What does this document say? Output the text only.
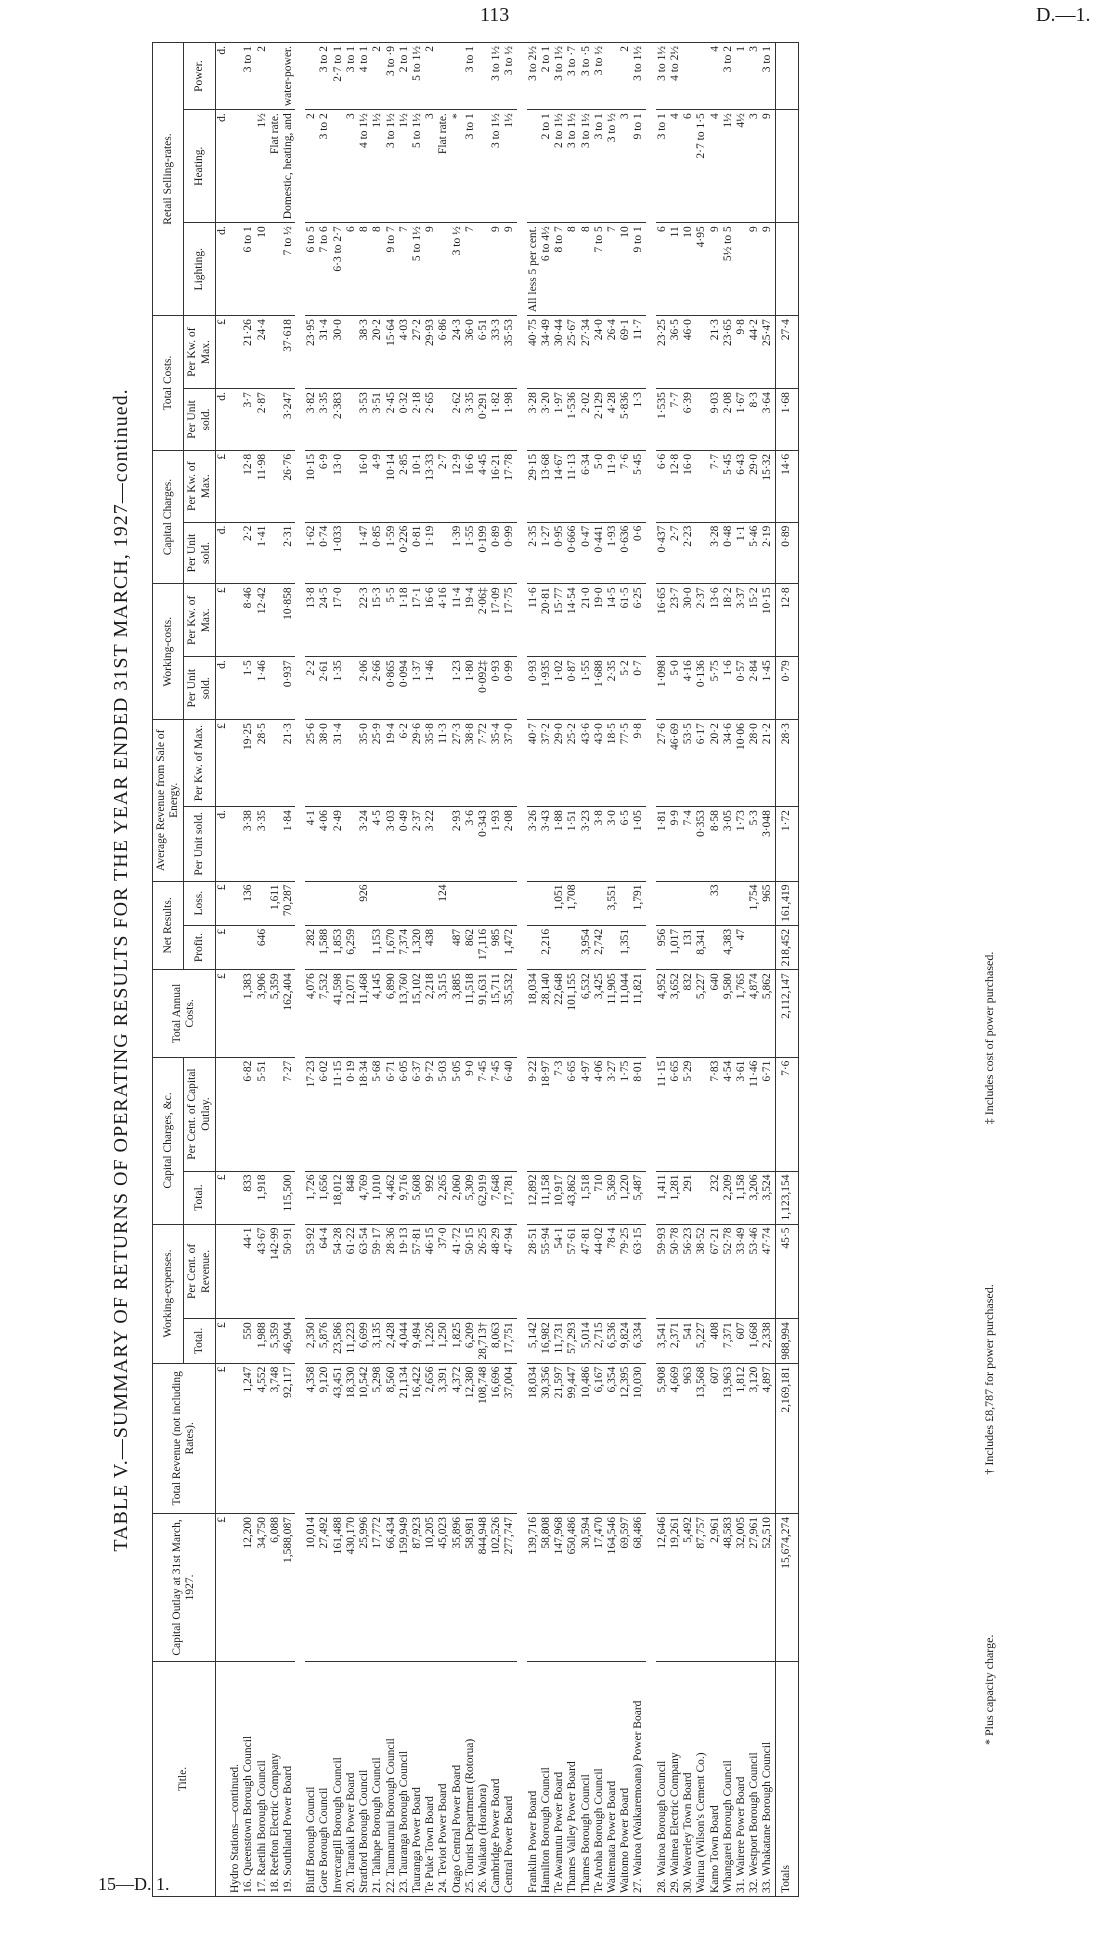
113	D.—1.
TABLE V.—SUMMARY OF RETURNS OF OPERATING RESULTS FOR THE YEAR ENDED 31ST MARCH, 1927—continued.
Title.	Capital Outlay at 31st March, 1927.	Total Revenue (not including Rates).	Working-expenses.		Capital Charges, &c.		Total Annual Costs.	Net Results.		Average Revenue from Sale of Energy.		Working-costs.		Capital Charges.		Total Costs.		Retail Selling-rates.		
			Total.	Per Cent. of Revenue.	Total.	Per Cent. of Capital Outlay.		Profit.	Loss.	Per Unit sold.	Per Kw. of Max.	Per Unit sold.	Per Kw. of Max.	Per Unit sold.	Per Kw. of Max.	Per Unit sold.	Per Kw. of Max.	Lighting.	Heating.	Power.
	£	£	£		£		£	£	£	d.	£	d.	£	d.	£	d.	£	d.	d.	d.
Hydro Stations—continued.																				
16. Queenstown Borough Council	12,200	1,247	550	44·1	833	6·82	1,383		136	3·38	19·25	1·5	8·46	2·2	12·8	3·7	21·26	6 to 1		3 to 1
17. Raetihi Borough Council	34,750	4,552	1,988	43·67	1,918	5·51	3,906	646		3·35	28·5	1·46	12·42	1·41	11·98	2·87	24·4	10	1½	2
18. Reefton Electric Company	6,088	3,748	5,359	142·99			5,359		1,611										Flat rate.	
19. Southland Power Board	1,588,087	92,117	46,904	50·91	115,500	7·27	162,404		70,287	1·84	21·3	0·937	10·858	2·31	26·76	3·247	37·618	7 to ½	Domestic, heating, and	water-power.

Bluff Borough Council	10,014	4,358	2,350	53·92	1,726	17·23	4,076	282		4·1	25·6	2·2	13·8	1·62	10·15	3·82	23·95	6 to 5	2	
Gore Borough Council	27,492	9,120	5,876	64·4	1,656	6·02	7,532	1,588		4·06	38·0	2·61	24·5	0·74	6·9	3·35	31·4	7 to 6	3 to 2	3 to 2
Invercargill Borough Council	161,488	43,451	23,586	54·28	18,012	11·15	41,598	1,853		2·49	31·4	1·35	17·0	1·033	13·0	2·383	30·0	6·3 to 2·7		2·7 to 1
20. Taranaki Power Board	430,170	18,330	11,223	61·22	848	0·19	12,071	6,259										6	3	3 to 1
Stratford Borough Council	25,996	10,542	6,699	63·54	4,769	18·34	11,468		926	3·24	35·0	2·06	22·3	1·47	16·0	3·53	38·3	8	4 to 1½	4 to 1
21. Taihape Borough Council	17,772	5,298	3,135	59·17	1,010	5·68	4,145	1,153		4·5	25·9	2·66	15·3	0·85	4·9	3·51	20·2	8	1½	2
22. Taumarunui Borough Council	66,434	8,560	2,428	28·36	4,462	6·71	6,890	1,670		3·03	19·4	0·865	5·5	1·59	10·14	2·45	15·64	9 to 7	3 to 1½	3 to ·9
23. Tauranga Borough Council	159,949	21,134	4,044	19·13	9,716	6·05	13,760	7,374		0·49	6·2	0·094	1·18	0·226	2·85	0·32	4·03	7	1½	2 to 1
Tauranga Power Board	87,923	16,422	9,494	57·81	5,608	6·37	15,102	1,320		2·37	29·6	1·37	17·1	0·81	10·1	2·18	27·2	5 to 1½	5 to 1½	5 to 1½
Te Puke Town Board	10,205	2,656	1,226	46·15	992	9·72	2,218	438		3·22	35·8	1·46	16·6	1·19	13·33	2·65	29·93	9	3	2
24. Teviot Power Board	45,023	3,391	1,250	37·0	2,265	5·03	3,515		124		11·3		4·16		2·7		6·86		Flat rate.	
Otago Central Power Board	35,896	4,372	1,825	41·72	2,060	5·05	3,885	487		2·93	27·3	1·23	11·4	1·39	12·9	2·62	24·3	3 to ½	*	
25. Tourist Department (Rotorua)	58,981	12,380	6,209	50·15	5,309	9·0	11,518	862		3·6	38·8	1·80	19·4	1·55	16·6	3·35	36·0	7	3 to 1	3 to 1
26. Waikato (Horahora)	844,948	108,748	28,713†	26·25	62,919	7·45	91,631	17,116		0·343	7·72	0·092‡	2·06‡	0·199	4·45	0·291	6·51			
Cambridge Power Board	102,526	16,696	8,063	48·29	7,648	7·45	15,711	985		1·93	35·4	0·93	17·09	0·89	16·21	1·82	33·3	9	3 to 1½	3 to 1½
Central Power Board	277,747	37,004	17,751	47·94	17,781	6·40	35,532	1,472		2·08	37·0	0·99	17·75	0·99	17·78	1·98	35·53	9	1½	3 to ½

Franklin Power Board	139,716	18,034	5,142	28·51	12,892	9·22	18,034			3·26	40·7	0·93	11·6	2·35	29·15	3·28	40·75	All less 5 per cent.		3 to 2½
Hamilton Borough Council	58,808	30,356	16,982	55·94	11,158	18·97	28,140	2,216		3·43	37·2	1·935	20·81	1·27	13·68	3·20	34·49	6 to 4½	2 to 1	2 to 1
Te Awamutu Power Board	147,968	21,597	11,731	54·1	10,917	7·3	22,648		1,051	1·88	29·0	1·02	15·77	0·95	14·67	1·97	30·44	8 to 7	2 to 1½	3 to 1½
Thames Valley Power Board	650,486	99,447	57,293	57·61	43,862	6·65	101,155		1,708	1·51	25·2	0·87	14·54	0·666	11·13	1·536	25·67	8	3 to 1½	3 to ·7
Thames Borough Council	30,594	10,486	5,014	47·81	1,518	4·97	6,532	3,954		3·23	43·6	1·55	21·0	0·47	6·34	2·02	27·34	8	3 to 1½	3 to ·5
Te Aroha Borough Council	17,470	6,167	2,715	44·02	710	4·06	3,425	2,742		3·8	43·0	1·688	19·0	0·441	5·0	2·129	24·0	7 to 5	3 to 1	3 to ½
Waitemata Power Board	164,546	6,354	6,536	78·4	5,369	3·27	11,905		3,551	3·0	18·5	2·35	14·5	1·93	11·9	4·28	26·4	7	3 to ½	
Waitomo Power Board	69,597	12,395	9,824	79·25	1,220	1·75	11,044	1,351		6·5	77·5	5·2	61·5	0·636	7·6	5·836	69·1	10	3	2
27. Wairoa (Waikaremoana) Power Board	68,486	10,030	6,334	63·15	5,487	8·01	11,821		1,791	1·05	9·8	0·7	6·25	0·6	5·45	1·3	11·7	9 to 1	9 to 1	3 to 1½

28. Wairoa Borough Council	12,646	5,908	3,541	59·93	1,411	11·15	4,952	956		1·81	27·6	1·098	16·65	0·437	6·6	1·535	23·25	6	3 to 1	3 to 1½
29. Waimea Electric Company	19,261	4,669	2,371	50·78	1,281	6·65	3,652	1,017		9·9	46·69	5·0	23·7	2·7	12·8	7·7	36·5	11	4	4 to 2½
30. Waverley Town Board	5,492	963	541	56·23	291	5·29	832	131		7·4	53·5	4·16	30·0	2·23	16·0	6·39	46·0	10	6	
Wairua (Wilson's Cement Co.)	87,757	13,568	5,227	38·52			5,227	8,341		0·353	6·17	0·136	2·37					4·95	2·7 to 1·5	
Kamo Town Board	2,961	607	408	67·21	232	7·83	640		33	8·58	20·2	5·75	13·6	3·28	7·7	9·03	21·3	9	4	4
Whangarei Borough Council	48,583	13,963	7,371	52·78	2,209	4·54	9,580	4,383		3·05	34·6	1·6	18·2	0·48	5·45	2·08	23·65	5½ to 5	1½	3 to 2
31. Wairere Power Board	32,005	1,812	607	33·49	1,158	3·61	1,765	47		1·73	10·06	0·57	3·37	1·1	6·43	1·67	9·8		4½	1
32. Westport Borough Council	27,961	3,120	1,668	53·46	3,206	11·46	4,874		1,754	5·3	28·0	2·84	15·2	5·46	29·0	8·3	44·2	9	3	3
33. Whakatane Borough Council	52,510	4,897	2,338	47·74	3,524	6·71	5,862		965	3·048	21·2	1·45	10·15	2·19	15·32	3·64	25·47	9	9	3 to 1
Totals	15,674,274	2,169,181	988,994	45·5	1,123,154	7·6	2,112,147	218,452	161,419	1·72	28·3	0·79	12·8	0·89	14·6	1·68	27·4			
* Plus capacity charge.
† Includes £8,787 for power purchased.
‡ Includes cost of power purchased.
15—D. 1.
